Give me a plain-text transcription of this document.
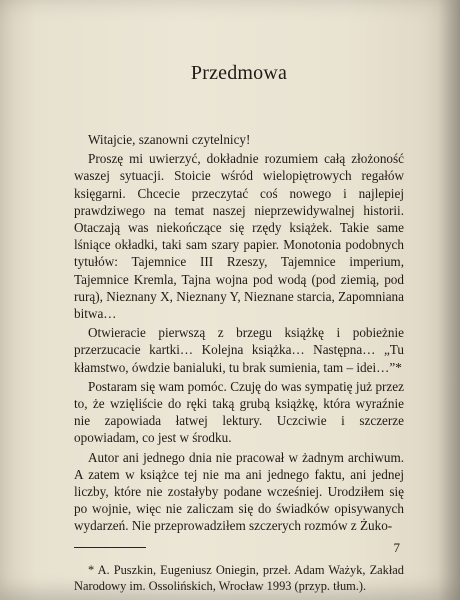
Przedmowa

Witajcie, szanowni czytelnicy!

Proszę mi uwierzyć, dokładnie rozumiem całą złożoność waszej sytuacji. Stoicie wśród wielopiętrowych regałów księgarni. Chcecie przeczytać coś nowego i najlepiej prawdziwego na temat naszej nieprzewidywalnej historii. Otaczają was niekończące się rzędy książek. Takie same lśniące okładki, taki sam szary papier. Monotonia podobnych tytułów: Tajemnice III Rzeszy, Tajemnice imperium, Tajemnice Kremla, Tajna wojna pod wodą (pod ziemią, pod rurą), Nieznany X, Nieznany Y, Nieznane starcia, Zapomniana bitwa…

Otwieracie pierwszą z brzegu książkę i pobieżnie przerzucacie kartki… Kolejna książka… Następna… „Tu kłamstwo, ówdzie banialuki, tu brak sumienia, tam – idei…”*

Postaram się wam pomóc. Czuję do was sympatię już przez to, że wzięliście do ręki taką grubą książkę, która wyraźnie nie zapowiada łatwej lektury. Uczciwie i szczerze opowiadam, co jest w środku.

Autor ani jednego dnia nie pracował w żadnym archiwum. A zatem w książce tej nie ma ani jednego faktu, ani jednej liczby, które nie zostałyby podane wcześniej. Urodziłem się po wojnie, więc nie zaliczam się do świadków opisywanych wydarzeń. Nie przeprowadziłem szczerych rozmów z Żuko-

* A. Puszkin, Eugeniusz Oniegin, przeł. Adam Ważyk, Zakład Narodowy im. Ossolińskich, Wrocław 1993 (przyp. tłum.).

7
